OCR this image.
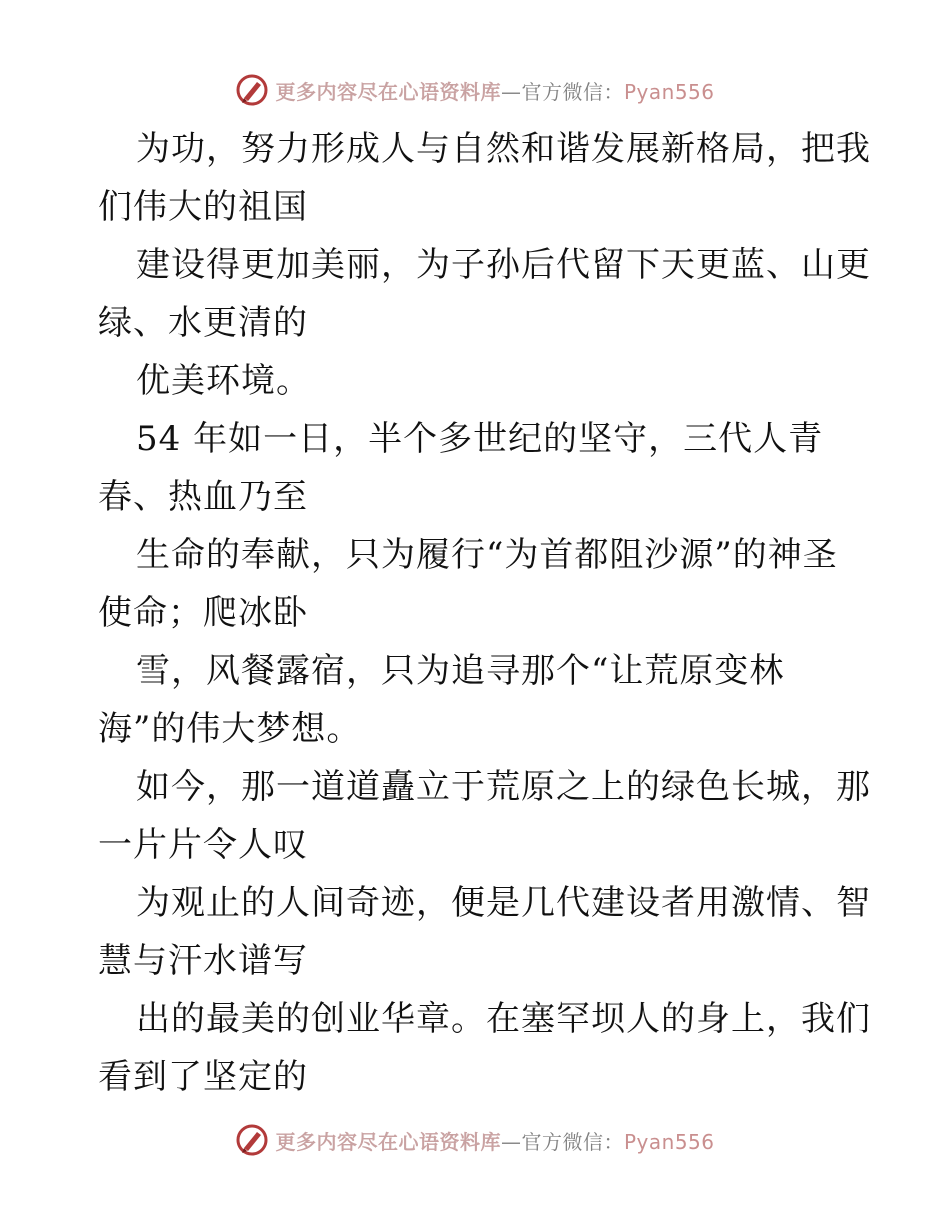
更多内容尽在心语资料库—官方微信：Pyan556
为功，努力形成人与自然和谐发展新格局，把我
们伟大的祖国
建设得更加美丽，为子孙后代留下天更蓝、山更
绿、水更清的
优美环境。
54 年如一日，半个多世纪的坚守，三代人青
春、热血乃至
生命的奉献，只为履行“为首都阻沙源”的神圣
使命；爬冰卧
雪，风餐露宿，只为追寻那个“让荒原变林
海”的伟大梦想。
如今，那一道道矗立于荒原之上的绿色长城，那
一片片令人叹
为观止的人间奇迹，便是几代建设者用激情、智
慧与汗水谱写
出的最美的创业华章。在塞罕坝人的身上，我们
看到了坚定的
更多内容尽在心语资料库—官方微信：Pyan556
